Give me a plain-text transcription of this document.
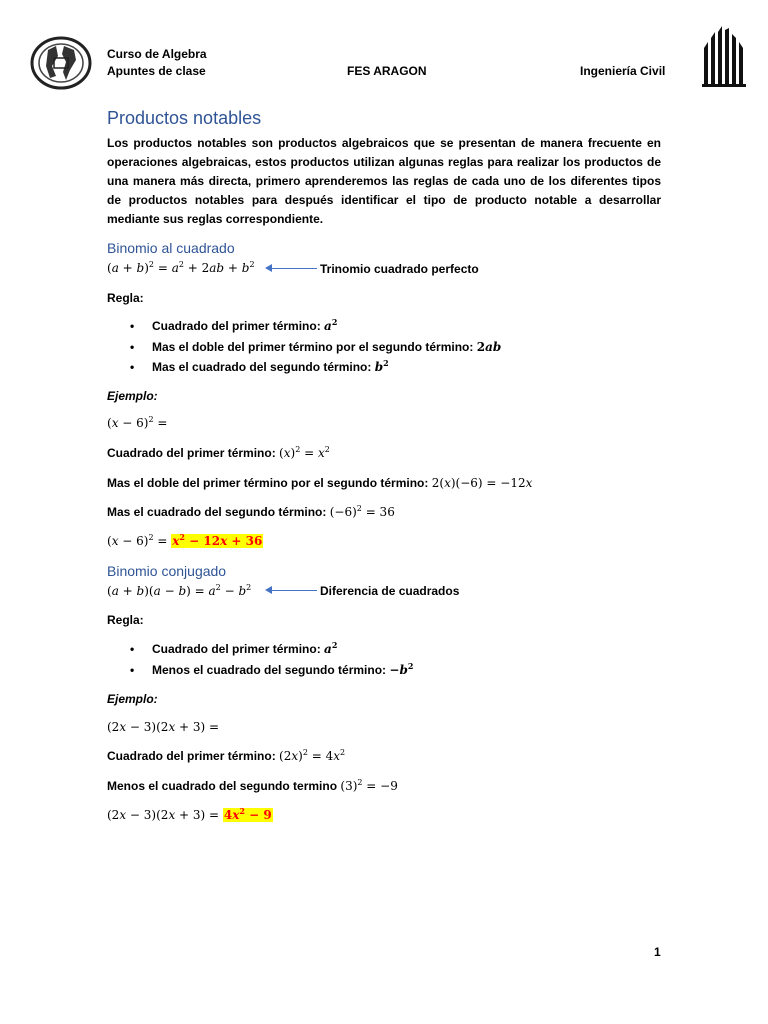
Curso de Algebra
Apuntes de clase	FES ARAGON	Ingeniería Civil
Productos notables
Los productos notables son productos algebraicos que se presentan de manera frecuente en operaciones algebraicas, estos productos utilizan algunas reglas para realizar los productos de una manera más directa, primero aprenderemos las reglas de cada uno de los diferentes tipos de productos notables para después identificar el tipo de producto notable a desarrollar mediante sus reglas correspondiente.
Binomio al cuadrado
$(a + b)^2 = a^2 + 2ab + b^2$	Trinomio cuadrado perfecto
Regla:
• Cuadrado del primer término: $a^2$
• Mas el doble del primer término por el segundo término: 2ab
• Mas el cuadrado del segundo término: $b^2$
Ejemplo:
$(x - 6)^2$ =
Cuadrado del primer término: $(x)^2 = x^2$
Mas el doble del primer término por el segundo término: 2(x)(−6) = −12x
Mas el cuadrado del segundo término: $(-6)^2 = 36$
$(x - 6)^2 = x^2 - 12x + 36$
Binomio conjugado
$(a + b)(a - b) = a^2 - b^2$	Diferencia de cuadrados
Regla:
• Cuadrado del primer término: $a^2$
• Menos el cuadrado del segundo término: $-b^2$
Ejemplo:
(2x − 3)(2x + 3) =
Cuadrado del primer término: $(2x)^2 = 4x^2$
Menos el cuadrado del segundo termino $(3)^2 = -9$
$(2x - 3)(2x + 3) = 4x^2 - 9$
1
